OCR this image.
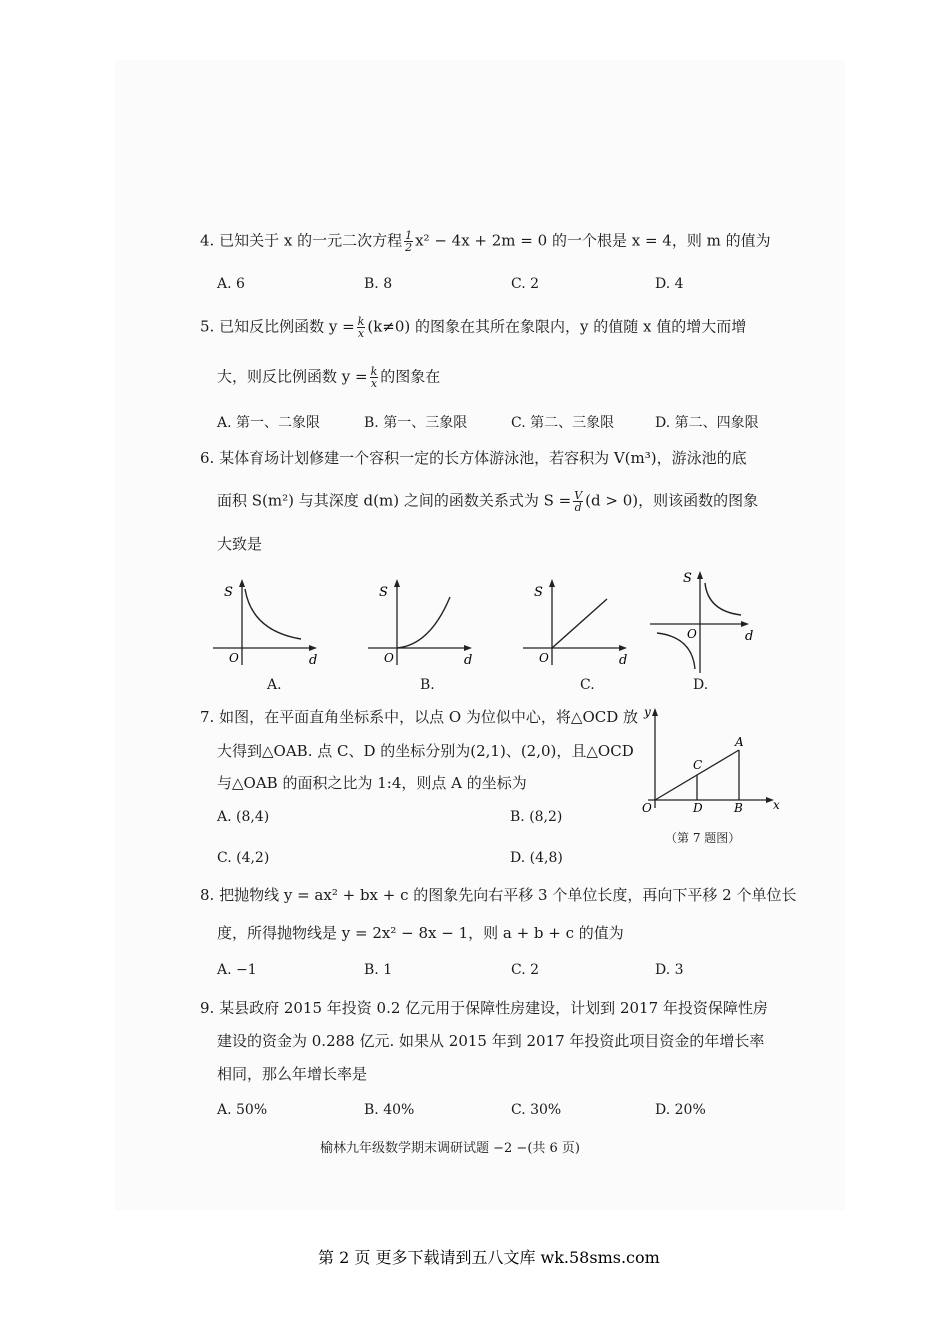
4. 已知关于 x 的一元二次方程 $\frac{1}{2} x^2 - 4x + 2m = 0$ 的一个根是 x = 4，则 m 的值为
A. 6	B. 8	C. 2	D. 4
5. 已知反比例函数 $y = \frac{k}{x} (k\ne 0)$ 的图象在其所在象限内，y 的值随 x 值的增大而增
大，则反比例函数 $y = \frac{k}{x}$ 的图象在
A. 第一、二象限	B. 第一、三象限	C. 第二、三象限	D. 第二、四象限
6. 某体育场计划修建一个容积一定的长方体游泳池，若容积为 V(m³)，游泳池的底
面积 S(m²) 与其深度 d(m) 之间的函数关系式为 $S = \frac{V}{d} (d > 0)$，则该函数的图象
大致是
S
O	d
A.
S
O	d
B.
S
O	d
C.
S
O	d
D.
7. 如图，在平面直角坐标系中，以点 O 为位似中心，将△OCD 放
大得到△OAB. 点 C、D 的坐标分别为(2,1)、(2,0)，且△OCD
与△OAB 的面积之比为 1:4，则点 A 的坐标为
A. (8,4)	B. (8,2)
C. (4,2)	D. (4,8)
y
x
O
A
B
C
D
（第 7 题图）
8. 把抛物线 y = ax² + bx + c 的图象先向右平移 3 个单位长度，再向下平移 2 个单位长
度，所得抛物线是 y = 2x² − 8x − 1，则 a + b + c 的值为
A. −1	B. 1	C. 2	D. 3
9. 某县政府 2015 年投资 0.2 亿元用于保障性房建设，计划到 2017 年投资保障性房
建设的资金为 0.288 亿元. 如果从 2015 年到 2017 年投资此项目资金的年增长率
相同，那么年增长率是
A. 50%	B. 40%	C. 30%	D. 20%
榆林九年级数学期末调研试题 −2 −(共 6 页)
第 2 页 更多下载请到五八文库 wk.58sms.com
